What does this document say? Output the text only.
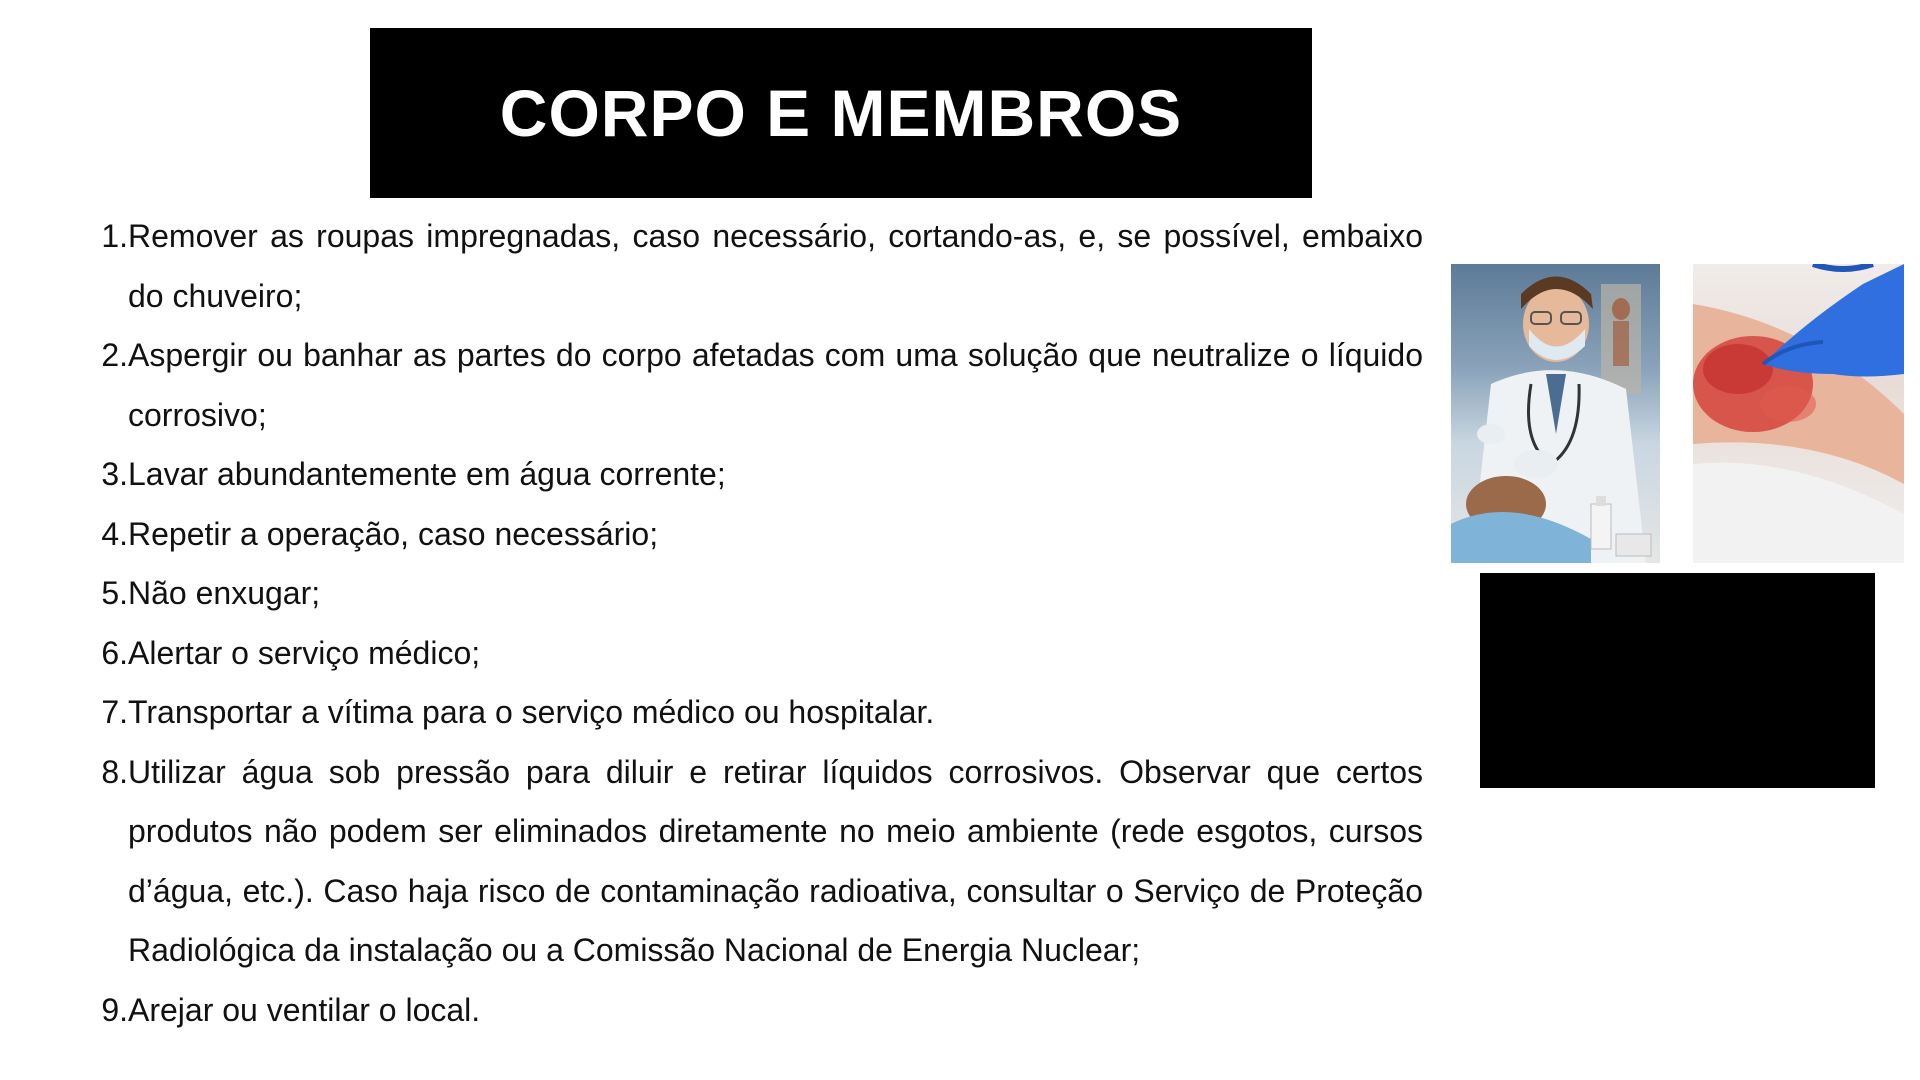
CORPO E MEMBROS
1. Remover as roupas impregnadas, caso necessário, cortando-as, e, se possível, embaixo do chuveiro;
2. Aspergir ou banhar as partes do corpo afetadas com uma solução que neutralize o líquido corrosivo;
3. Lavar abundantemente em água corrente;
4. Repetir a operação, caso necessário;
5. Não enxugar;
6. Alertar o serviço médico;
7. Transportar a vítima para o serviço médico ou hospitalar.
8. Utilizar água sob pressão para diluir e retirar líquidos corrosivos. Observar que certos produtos não podem ser eliminados diretamente no meio ambiente (rede esgotos, cursos d’água, etc.). Caso haja risco de contaminação radioativa, consultar o Serviço de Proteção Radiológica da instalação ou a Comissão Nacional de Energia Nuclear;
9. Arejar ou ventilar o local.
